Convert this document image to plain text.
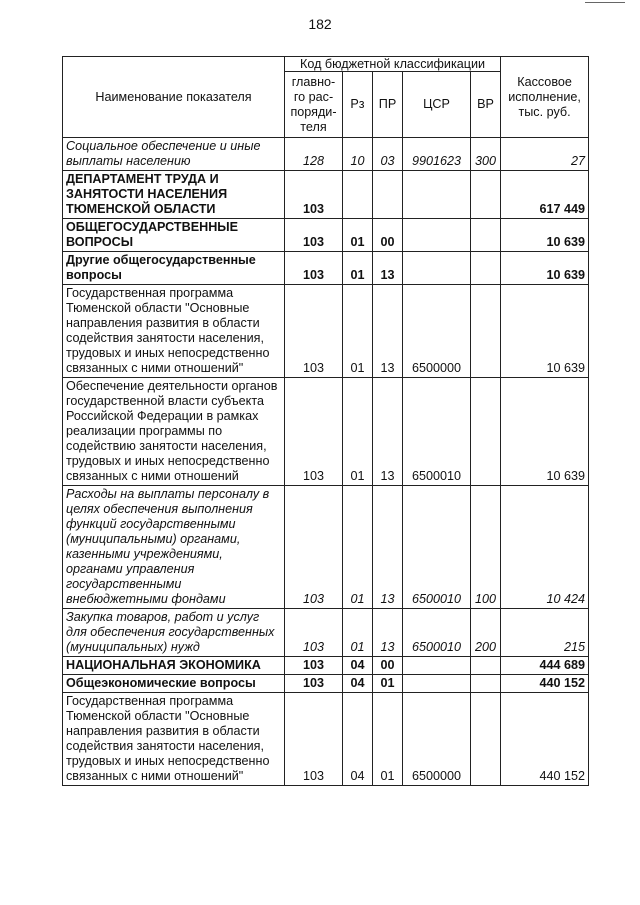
182
Наименование показателя	Код бюджетной классификации					Кассовое исполнение, тыс. руб.
	главно-го рас-поряди-теля	Рз	ПР	ЦСР	ВР	
Социальное обеспечение и иные выплаты населению	128	10	03	9901623	300	27
ДЕПАРТАМЕНТ ТРУДА И ЗАНЯТОСТИ НАСЕЛЕНИЯ ТЮМЕНСКОЙ ОБЛАСТИ	103					617 449
ОБЩЕГОСУДАРСТВЕННЫЕ ВОПРОСЫ	103	01	00			10 639
Другие общегосударственные вопросы	103	01	13			10 639
Государственная программа Тюменской области "Основные направления развития в области содействия занятости населения, трудовых и иных непосредственно связанных с ними отношений"	103	01	13	6500000		10 639
Обеспечение деятельности органов государственной власти субъекта Российской Федерации в рамках реализации программы по содействию занятости населения, трудовых и иных непосредственно связанных с ними отношений	103	01	13	6500010		10 639
Расходы на выплаты персоналу в целях обеспечения выполнения функций государственными (муниципальными) органами, казенными учреждениями, органами управления государственными внебюджетными фондами	103	01	13	6500010	100	10 424
Закупка товаров, работ и услуг для обеспечения государственных (муниципальных) нужд	103	01	13	6500010	200	215
НАЦИОНАЛЬНАЯ ЭКОНОМИКА	103	04	00			444 689
Общеэкономические вопросы	103	04	01			440 152
Государственная программа Тюменской области "Основные направления развития в области содействия занятости населения, трудовых и иных непосредственно связанных с ними отношений"	103	04	01	6500000		440 152
